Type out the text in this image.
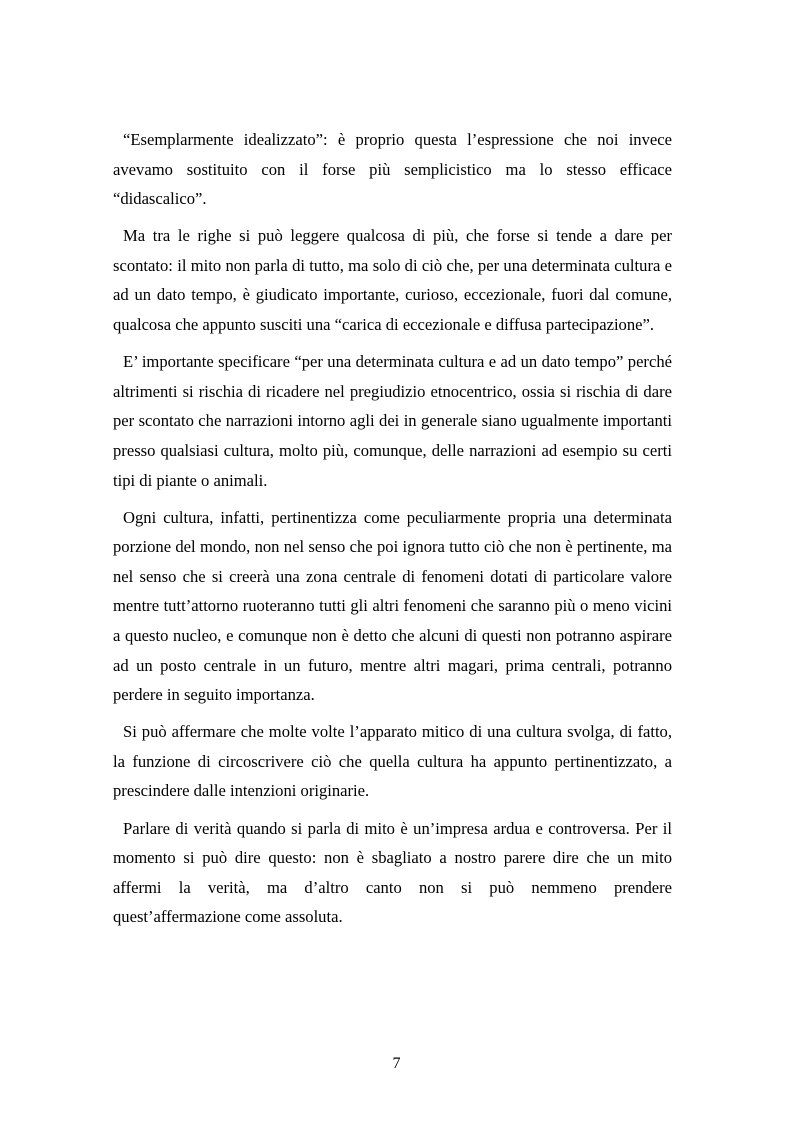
“Esemplarmente idealizzato”: è proprio questa l’espressione che noi invece avevamo sostituito con il forse più semplicistico ma lo stesso efficace “didascalico”.

Ma tra le righe si può leggere qualcosa di più, che forse si tende a dare per scontato: il mito non parla di tutto, ma solo di ciò che, per una determinata cultura e ad un dato tempo, è giudicato importante, curioso, eccezionale, fuori dal comune, qualcosa che appunto susciti una “carica di eccezionale e diffusa partecipazione”.

E’ importante specificare “per una determinata cultura e ad un dato tempo” perché altrimenti si rischia di ricadere nel pregiudizio etnocentrico, ossia si rischia di dare per scontato che narrazioni intorno agli dei in generale siano ugualmente importanti presso qualsiasi cultura, molto più, comunque, delle narrazioni ad esempio su certi tipi di piante o animali.

Ogni cultura, infatti, pertinentizza come peculiarmente propria una determinata porzione del mondo, non nel senso che poi ignora tutto ciò che non è pertinente, ma nel senso che si creerà una zona centrale di fenomeni dotati di particolare valore mentre tutt’attorno ruoteranno tutti gli altri fenomeni che saranno più o meno vicini a questo nucleo, e comunque non è detto che alcuni di questi non potranno aspirare ad un posto centrale in un futuro, mentre altri magari, prima centrali, potranno perdere in seguito importanza.

Si può affermare che molte volte l’apparato mitico di una cultura svolga, di fatto, la funzione di circoscrivere ciò che quella cultura ha appunto pertinentizzato, a prescindere dalle intenzioni originarie.

Parlare di verità quando si parla di mito è un’impresa ardua e controversa. Per il momento si può dire questo: non è sbagliato a nostro parere dire che un mito affermi la verità, ma d’altro canto non si può nemmeno prendere quest’affermazione come assoluta.

7
